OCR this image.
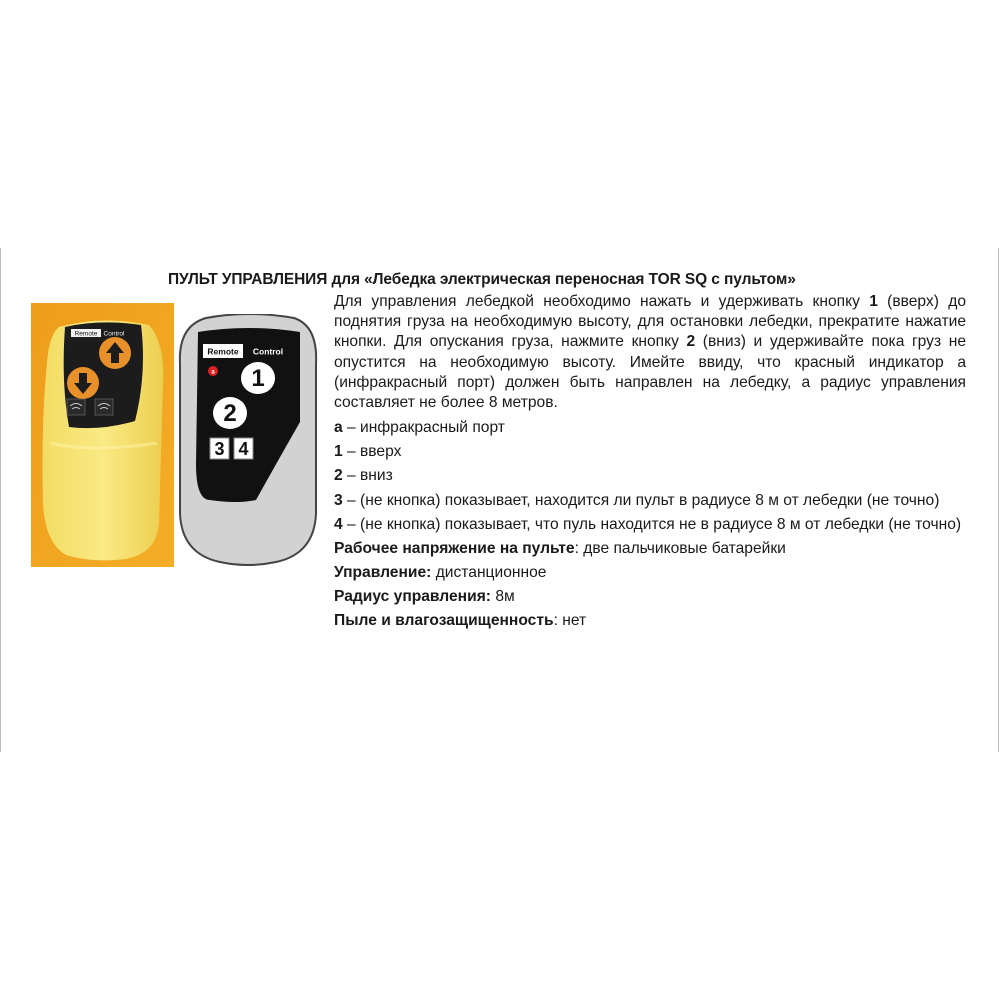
ПУЛЬТ УПРАВЛЕНИЯ для «Лебедка электрическая переносная TOR SQ с пультом»
Remote Control
Remote Control
a 1
2
3 4

Для управления лебедкой необходимо нажать и удерживать кнопку 1 (вверх) до поднятия груза на необходимую высоту, для остановки лебедки, прекратите нажатие кнопки. Для опускания груза, нажмите кнопку 2 (вниз) и удерживайте пока груз не опустится на необходимую высоту. Имейте ввиду, что красный индикатор а (инфракрасный порт) должен быть направлен на лебедку, а радиус управления составляет не более 8 метров.

а – инфракрасный порт

1 – вверх

2 – вниз

3 – (не кнопка) показывает, находится ли пульт в радиусе 8 м от лебедки (не точно)

4 – (не кнопка) показывает, что пуль находится не в радиусе 8 м от лебедки (не точно)

Рабочее напряжение на пульте: две пальчиковые батарейки

Управление: дистанционное

Радиус управления: 8м

Пыле и влагозащищенность: нет
